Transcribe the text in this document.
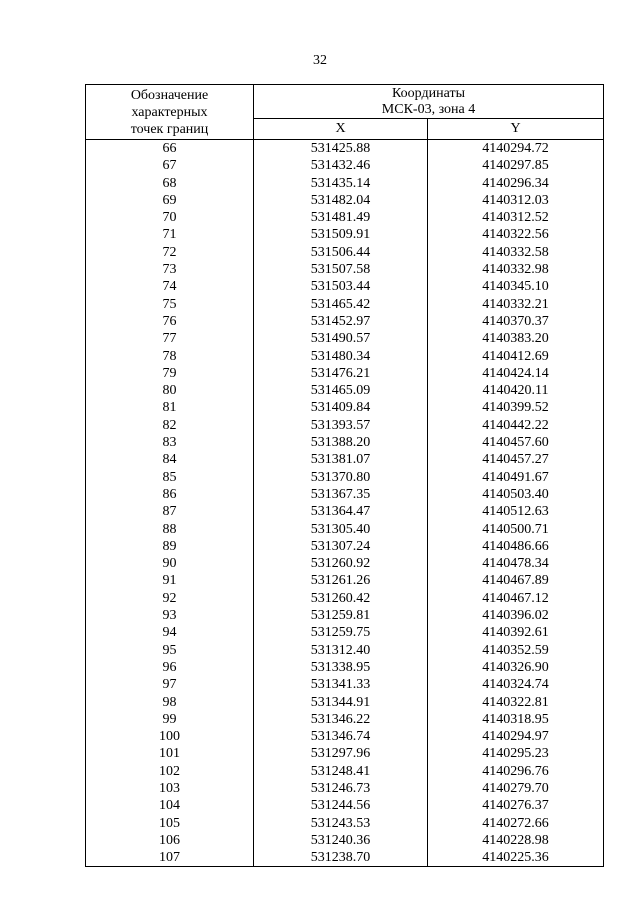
32
Обозначение
характерных
точек границ	Координаты
МСК-03, зона 4	

	X	Y
66	531425.88	4140294.72
67	531432.46	4140297.85
68	531435.14	4140296.34
69	531482.04	4140312.03
70	531481.49	4140312.52
71	531509.91	4140322.56
72	531506.44	4140332.58
73	531507.58	4140332.98
74	531503.44	4140345.10
75	531465.42	4140332.21
76	531452.97	4140370.37
77	531490.57	4140383.20
78	531480.34	4140412.69
79	531476.21	4140424.14
80	531465.09	4140420.11
81	531409.84	4140399.52
82	531393.57	4140442.22
83	531388.20	4140457.60
84	531381.07	4140457.27
85	531370.80	4140491.67
86	531367.35	4140503.40
87	531364.47	4140512.63
88	531305.40	4140500.71
89	531307.24	4140486.66
90	531260.92	4140478.34
91	531261.26	4140467.89
92	531260.42	4140467.12
93	531259.81	4140396.02
94	531259.75	4140392.61
95	531312.40	4140352.59
96	531338.95	4140326.90
97	531341.33	4140324.74
98	531344.91	4140322.81
99	531346.22	4140318.95
100	531346.74	4140294.97
101	531297.96	4140295.23
102	531248.41	4140296.76
103	531246.73	4140279.70
104	531244.56	4140276.37
105	531243.53	4140272.66
106	531240.36	4140228.98
107	531238.70	4140225.36
